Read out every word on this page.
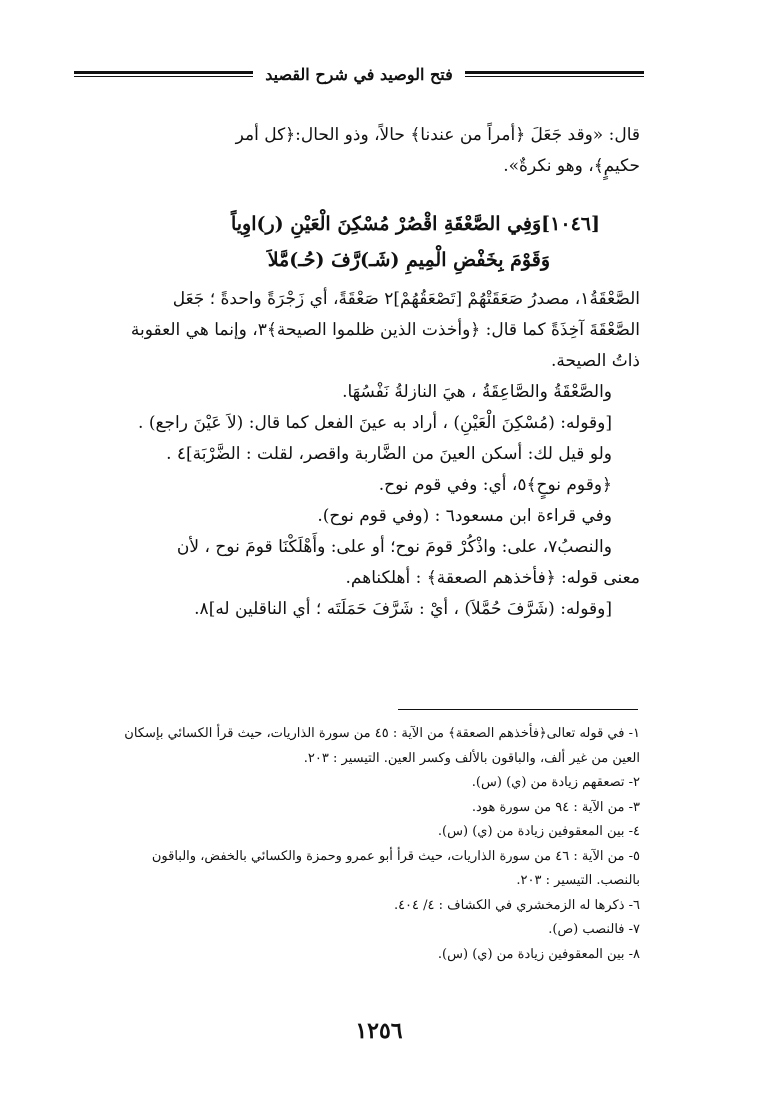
فتح الوصيد في شرح القصيد

قال: «وقد جَعَلَ ﴿أمراً من عندنا﴾ حالاً، وذو الحال:﴿كل أمر

حكيمٍ﴾، وهو نكرةٌ».

[١٠٤٦]وَفِي الصَّعْقَةِ اقْصُرْ مُسْكِنَ الْعَيْنِ (ر)اوِياً

وَقَوْمَ بِخَفْضِ الْمِيمِ (شَـ)رَّفَ (حُـ)مَّلاَ

الصَّعْقَةُ١، مصدرُ صَعَقَتْهُمْ [تَصْعَقُهُمْ]٢ صَعْقَةً، أي زَجْرَةً واحدةً ؛ جَعَل

الصَّعْقَةَ آخِذَةً كما قال: ﴿وأخذت الذين ظلموا الصيحة﴾٣، وإنما هي العقوبة

ذاتُ الصيحة.

والصَّعْقَةُ والصَّاعِقَةُ ، هيَ النازلةُ نَفْسُهَا.

[وقوله: (مُسْكِنَ الْعَيْنِ) ، أراد به عينَ الفعل كما قال: (لاَ عَيْنَ راجع) .

ولو قيل لك: أسكن العينَ من الضَّاربة واقصر، لقلت : الضَّرْبَة]٤ .

﴿وقوم نوحٍ﴾٥، أي: وفي قوم نوح.

وفي قراءة ابن مسعود٦ : (وفي قوم نوح).

والنصبُ٧، على: واذْكُرْ قومَ نوح؛ أو على: وأَهْلَكْنَا قومَ نوح ، لأن

معنى قوله: ﴿فأخذهم الصعقة﴾ : أهلكناهم.

[وقوله: (شَرَّفَ حُمَّلاَ) ، أيْ : شَرَّفَ حَمَلَتَه ؛ أي الناقلين له]٨.

١- في قوله تعالى﴿فأخذهم الصعقة﴾ من الآية : ٤٥ من سورة الذاريات، حيث قرأ الكسائي بإسكان

العين من غير ألف، والباقون بالألف وكسر العين. التيسير : ٢٠٣.

٢- تصعقهم زيادة من (ي) (س).

٣- من الآية : ٩٤ من سورة هود.

٤- بين المعقوفين زيادة من (ي) (س).

٥- من الآية : ٤٦ من سورة الذاريات، حيث قرأ أبو عمرو وحمزة والكسائي بالخفض، والباقون

بالنصب. التيسير : ٢٠٣.

٦- ذكرها له الزمخشري في الكشاف : ٤/ ٤٠٤.

٧- فالنصب (ص).

٨- بين المعقوفين زيادة من (ي) (س).

١٢٥٦
